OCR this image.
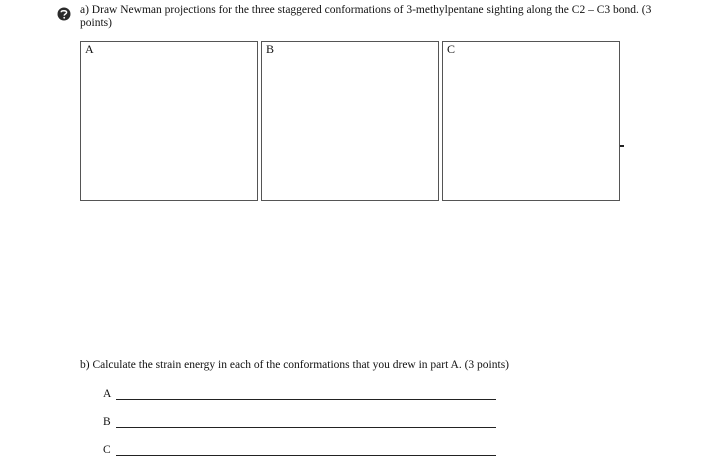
a) Draw Newman projections for the three staggered conformations of 3-methylpentane sighting along the C2 – C3 bond. (3 points)
A	B	C
b) Calculate the strain energy in each of the conformations that you drew in part A. (3 points)
A
B
C
